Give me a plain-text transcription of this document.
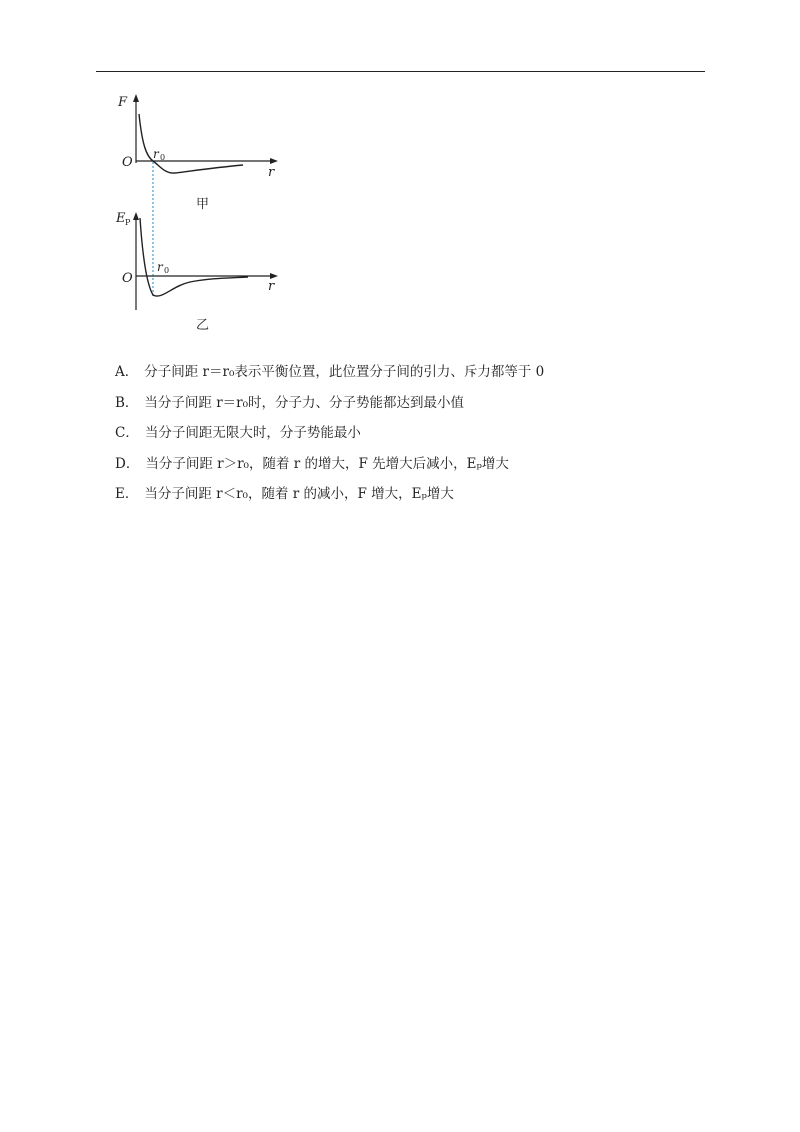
F
O
r
r 0
E P
O
r
r 0
甲
乙
A． 分子间距 r＝r₀表示平衡位置，此位置分子间的引力、斥力都等于 0
B． 当分子间距 r＝r₀时，分子力、分子势能都达到最小值
C． 当分子间距无限大时，分子势能最小
D． 当分子间距 r＞r₀，随着 r 的增大，F 先增大后减小，Eₚ增大
E． 当分子间距 r＜r₀，随着 r 的减小，F 增大，Eₚ增大
